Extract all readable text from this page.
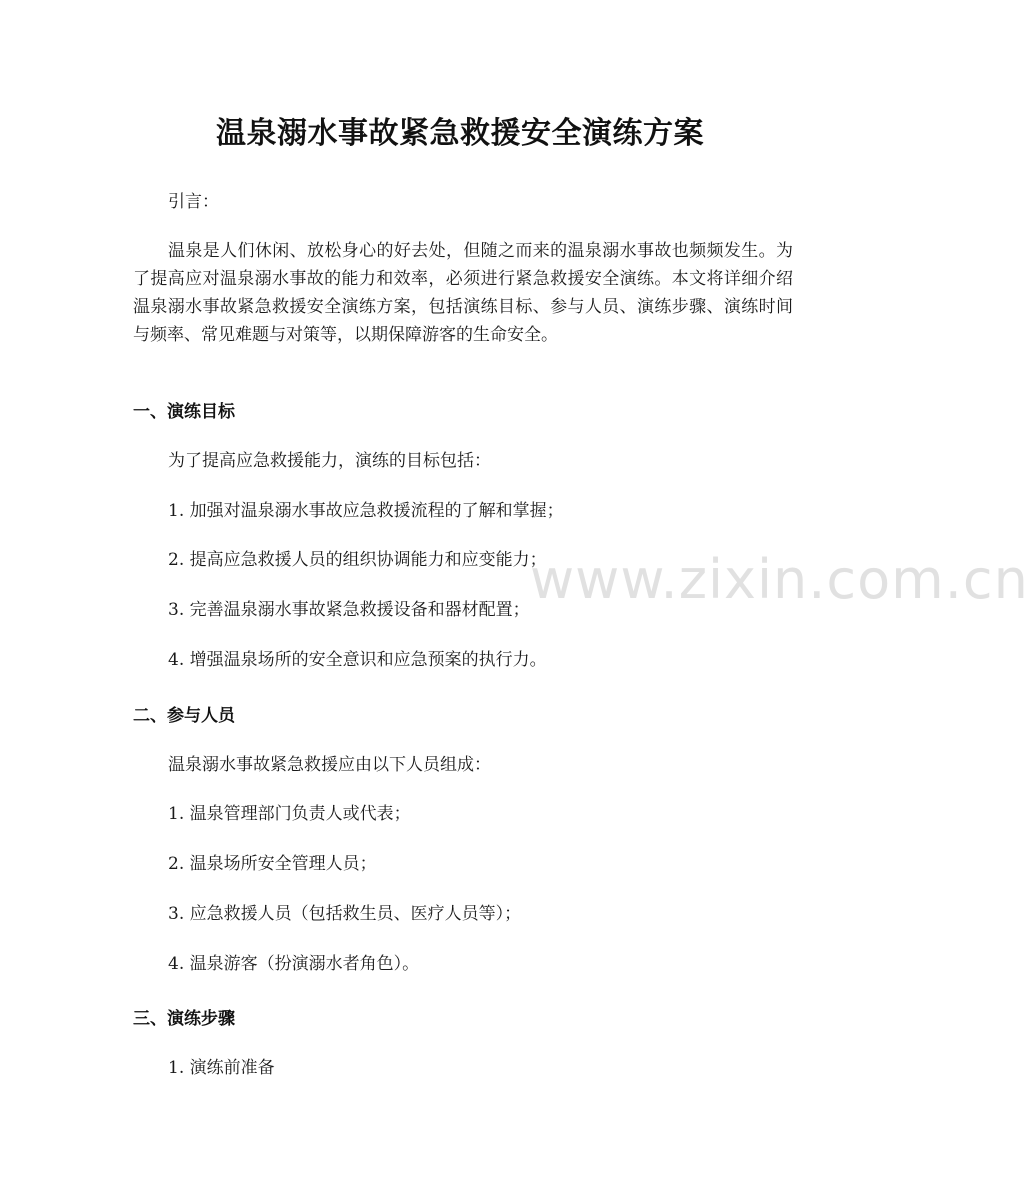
温泉溺水事故紧急救援安全演练方案

引言：

温泉是人们休闲、放松身心的好去处，但随之而来的温泉溺水事故也频频发生。为了提高应对温泉溺水事故的能力和效率，必须进行紧急救援安全演练。本文将详细介绍温泉溺水事故紧急救援安全演练方案，包括演练目标、参与人员、演练步骤、演练时间与频率、常见难题与对策等，以期保障游客的生命安全。

一、演练目标

为了提高应急救援能力，演练的目标包括：

1. 加强对温泉溺水事故应急救援流程的了解和掌握；

2. 提高应急救援人员的组织协调能力和应变能力；

3. 完善温泉溺水事故紧急救援设备和器材配置；

4. 增强温泉场所的安全意识和应急预案的执行力。

二、参与人员

温泉溺水事故紧急救援应由以下人员组成：

1. 温泉管理部门负责人或代表；

2. 温泉场所安全管理人员；

3. 应急救援人员（包括救生员、医疗人员等）；

4. 温泉游客（扮演溺水者角色）。

三、演练步骤

1. 演练前准备

www.zixin.com.cn
